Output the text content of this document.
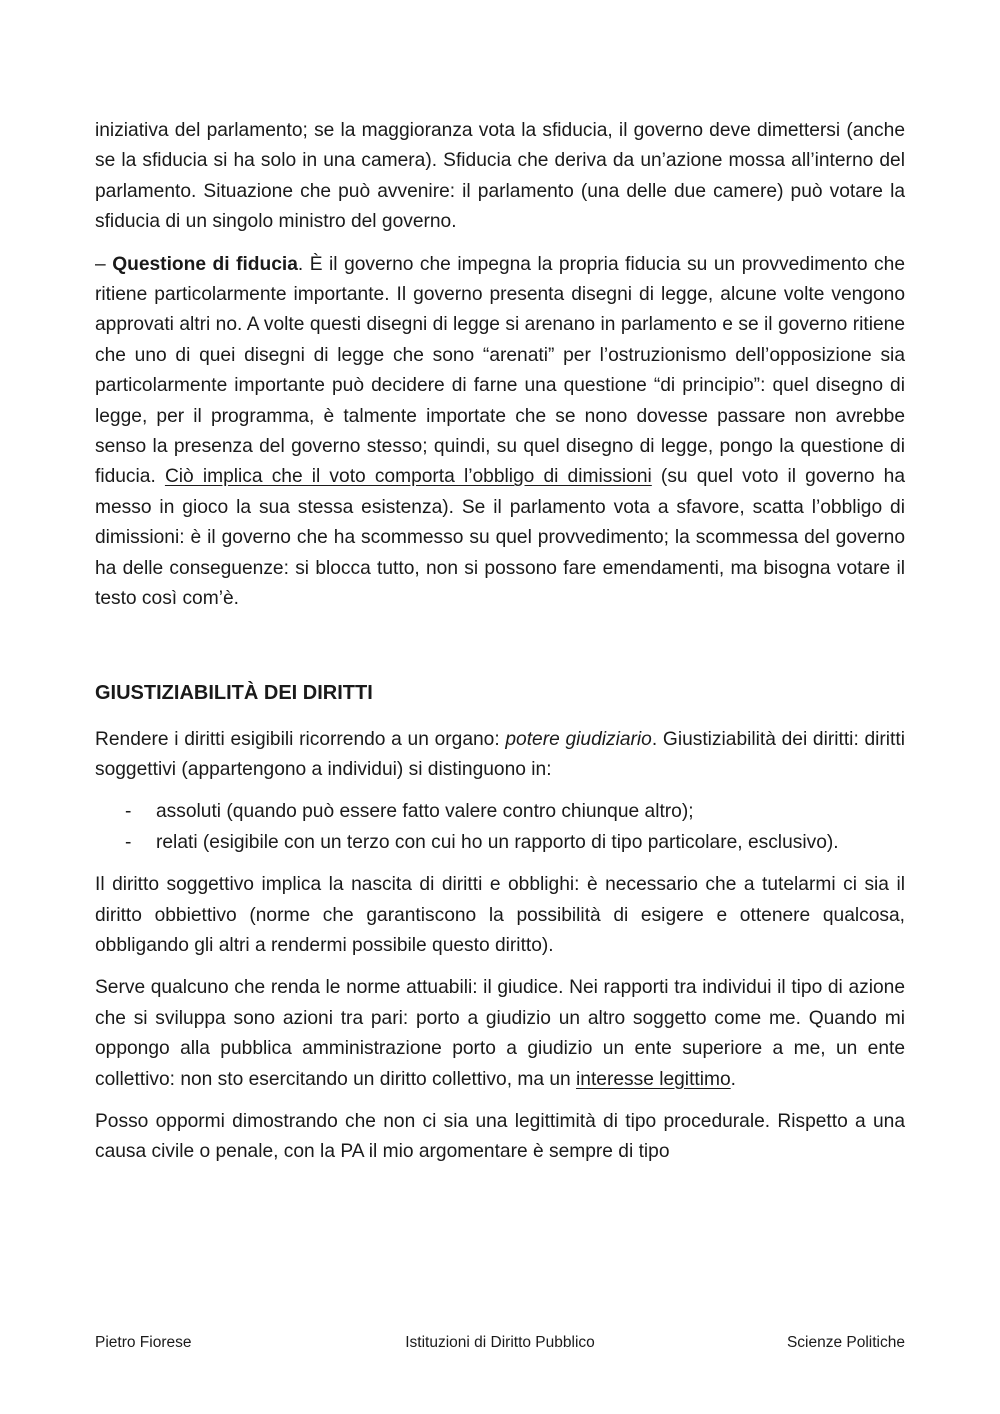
iniziativa del parlamento; se la maggioranza vota la sfiducia, il governo deve dimettersi (anche se la sfiducia si ha solo in una camera). Sfiducia che deriva da un’azione mossa all’interno del parlamento. Situazione che può avvenire: il parlamento (una delle due camere) può votare la sfiducia di un singolo ministro del governo.

– Questione di fiducia. È il governo che impegna la propria fiducia su un provvedimento che ritiene particolarmente importante. Il governo presenta disegni di legge, alcune volte vengono approvati altri no. A volte questi disegni di legge si arenano in parlamento e se il governo ritiene che uno di quei disegni di legge che sono “arenati” per l’ostruzionismo dell’opposizione sia particolarmente importante può decidere di farne una questione “di principio”: quel disegno di legge, per il programma, è talmente importate che se nono dovesse passare non avrebbe senso la presenza del governo stesso; quindi, su quel disegno di legge, pongo la questione di fiducia. Ciò implica che il voto comporta l’obbligo di dimissioni (su quel voto il governo ha messo in gioco la sua stessa esistenza). Se il parlamento vota a sfavore, scatta l’obbligo di dimissioni: è il governo che ha scommesso su quel provvedimento; la scommessa del governo ha delle conseguenze: si blocca tutto, non si possono fare emendamenti, ma bisogna votare il testo così com’è.

GIUSTIZIABILITÀ DEI DIRITTI

Rendere i diritti esigibili ricorrendo a un organo: potere giudiziario. Giustiziabilità dei diritti: diritti soggettivi (appartengono a individui) si distinguono in:

- assoluti (quando può essere fatto valere contro chiunque altro);
- relati (esigibile con un terzo con cui ho un rapporto di tipo particolare, esclusivo).

Il diritto soggettivo implica la nascita di diritti e obblighi: è necessario che a tutelarmi ci sia il diritto obbiettivo (norme che garantiscono la possibilità di esigere e ottenere qualcosa, obbligando gli altri a rendermi possibile questo diritto).

Serve qualcuno che renda le norme attuabili: il giudice. Nei rapporti tra individui il tipo di azione che si sviluppa sono azioni tra pari: porto a giudizio un altro soggetto come me. Quando mi oppongo alla pubblica amministrazione porto a giudizio un ente superiore a me, un ente collettivo: non sto esercitando un diritto collettivo, ma un interesse legittimo.

Posso oppormi dimostrando che non ci sia una legittimità di tipo procedurale. Rispetto a una causa civile o penale, con la PA il mio argomentare è sempre di tipo

Pietro Fiorese	Istituzioni di Diritto Pubblico	Scienze Politiche
